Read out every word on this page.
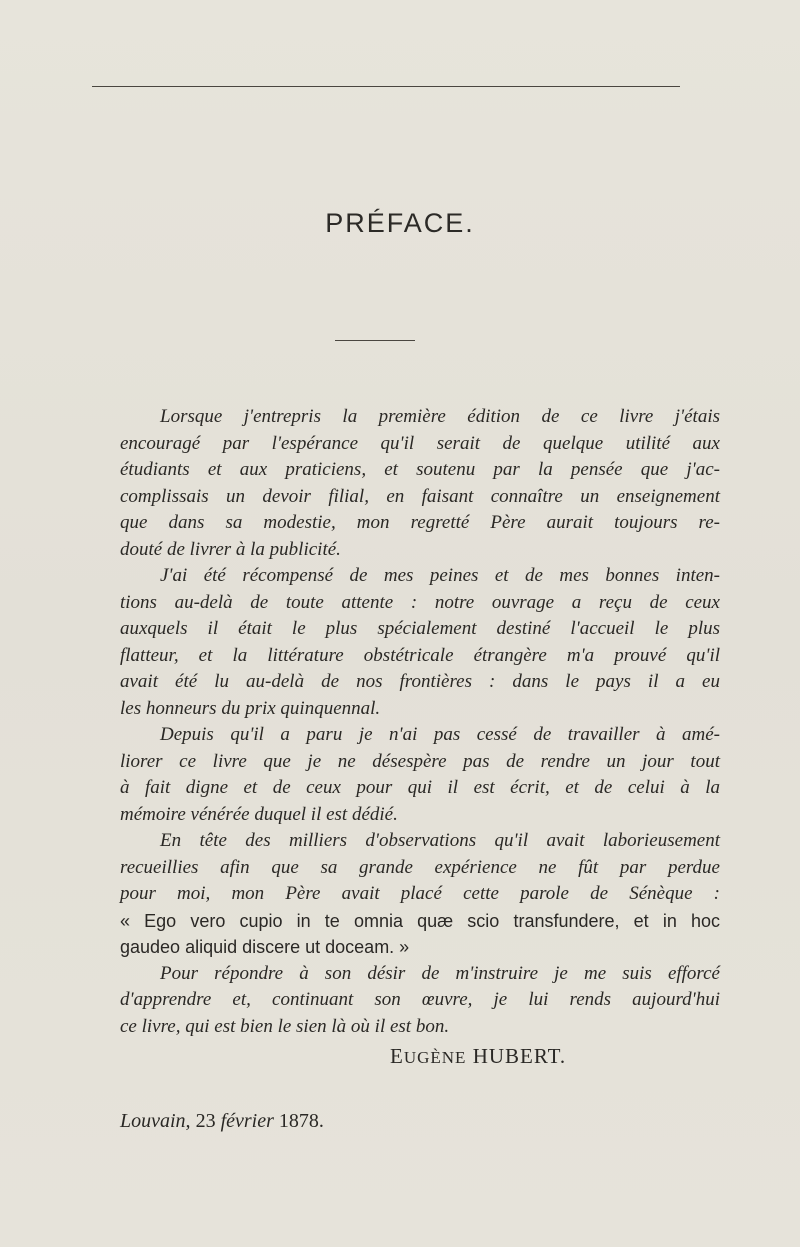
PRÉFACE.
Lorsque j'entrepris la première édition de ce livre j'étais
encouragé par l'espérance qu'il serait de quelque utilité aux
étudiants et aux praticiens, et soutenu par la pensée que j'ac-
complissais un devoir filial, en faisant connaître un enseignement
que dans sa modestie, mon regretté Père aurait toujours re-
douté de livrer à la publicité.
J'ai été récompensé de mes peines et de mes bonnes inten-
tions au-delà de toute attente : notre ouvrage a reçu de ceux
auxquels il était le plus spécialement destiné l'accueil le plus
flatteur, et la littérature obstétricale étrangère m'a prouvé qu'il
avait été lu au-delà de nos frontières : dans le pays il a eu
les honneurs du prix quinquennal.
Depuis qu'il a paru je n'ai pas cessé de travailler à amé-
liorer ce livre que je ne désespère pas de rendre un jour tout
à fait digne et de ceux pour qui il est écrit, et de celui à la
mémoire vénérée duquel il est dédié.
En tête des milliers d'observations qu'il avait laborieusement
recueillies afin que sa grande expérience ne fût par perdue
pour moi, mon Père avait placé cette parole de Sénèque :
« Ego vero cupio in te omnia quæ scio transfundere, et in hoc
gaudeo aliquid discere ut doceam. »
Pour répondre à son désir de m'instruire je me suis efforcé
d'apprendre et, continuant son œuvre, je lui rends aujourd'hui
ce livre, qui est bien le sien là où il est bon.
EUGÈNE HUBERT.
Louvain, 23 février 1878.
